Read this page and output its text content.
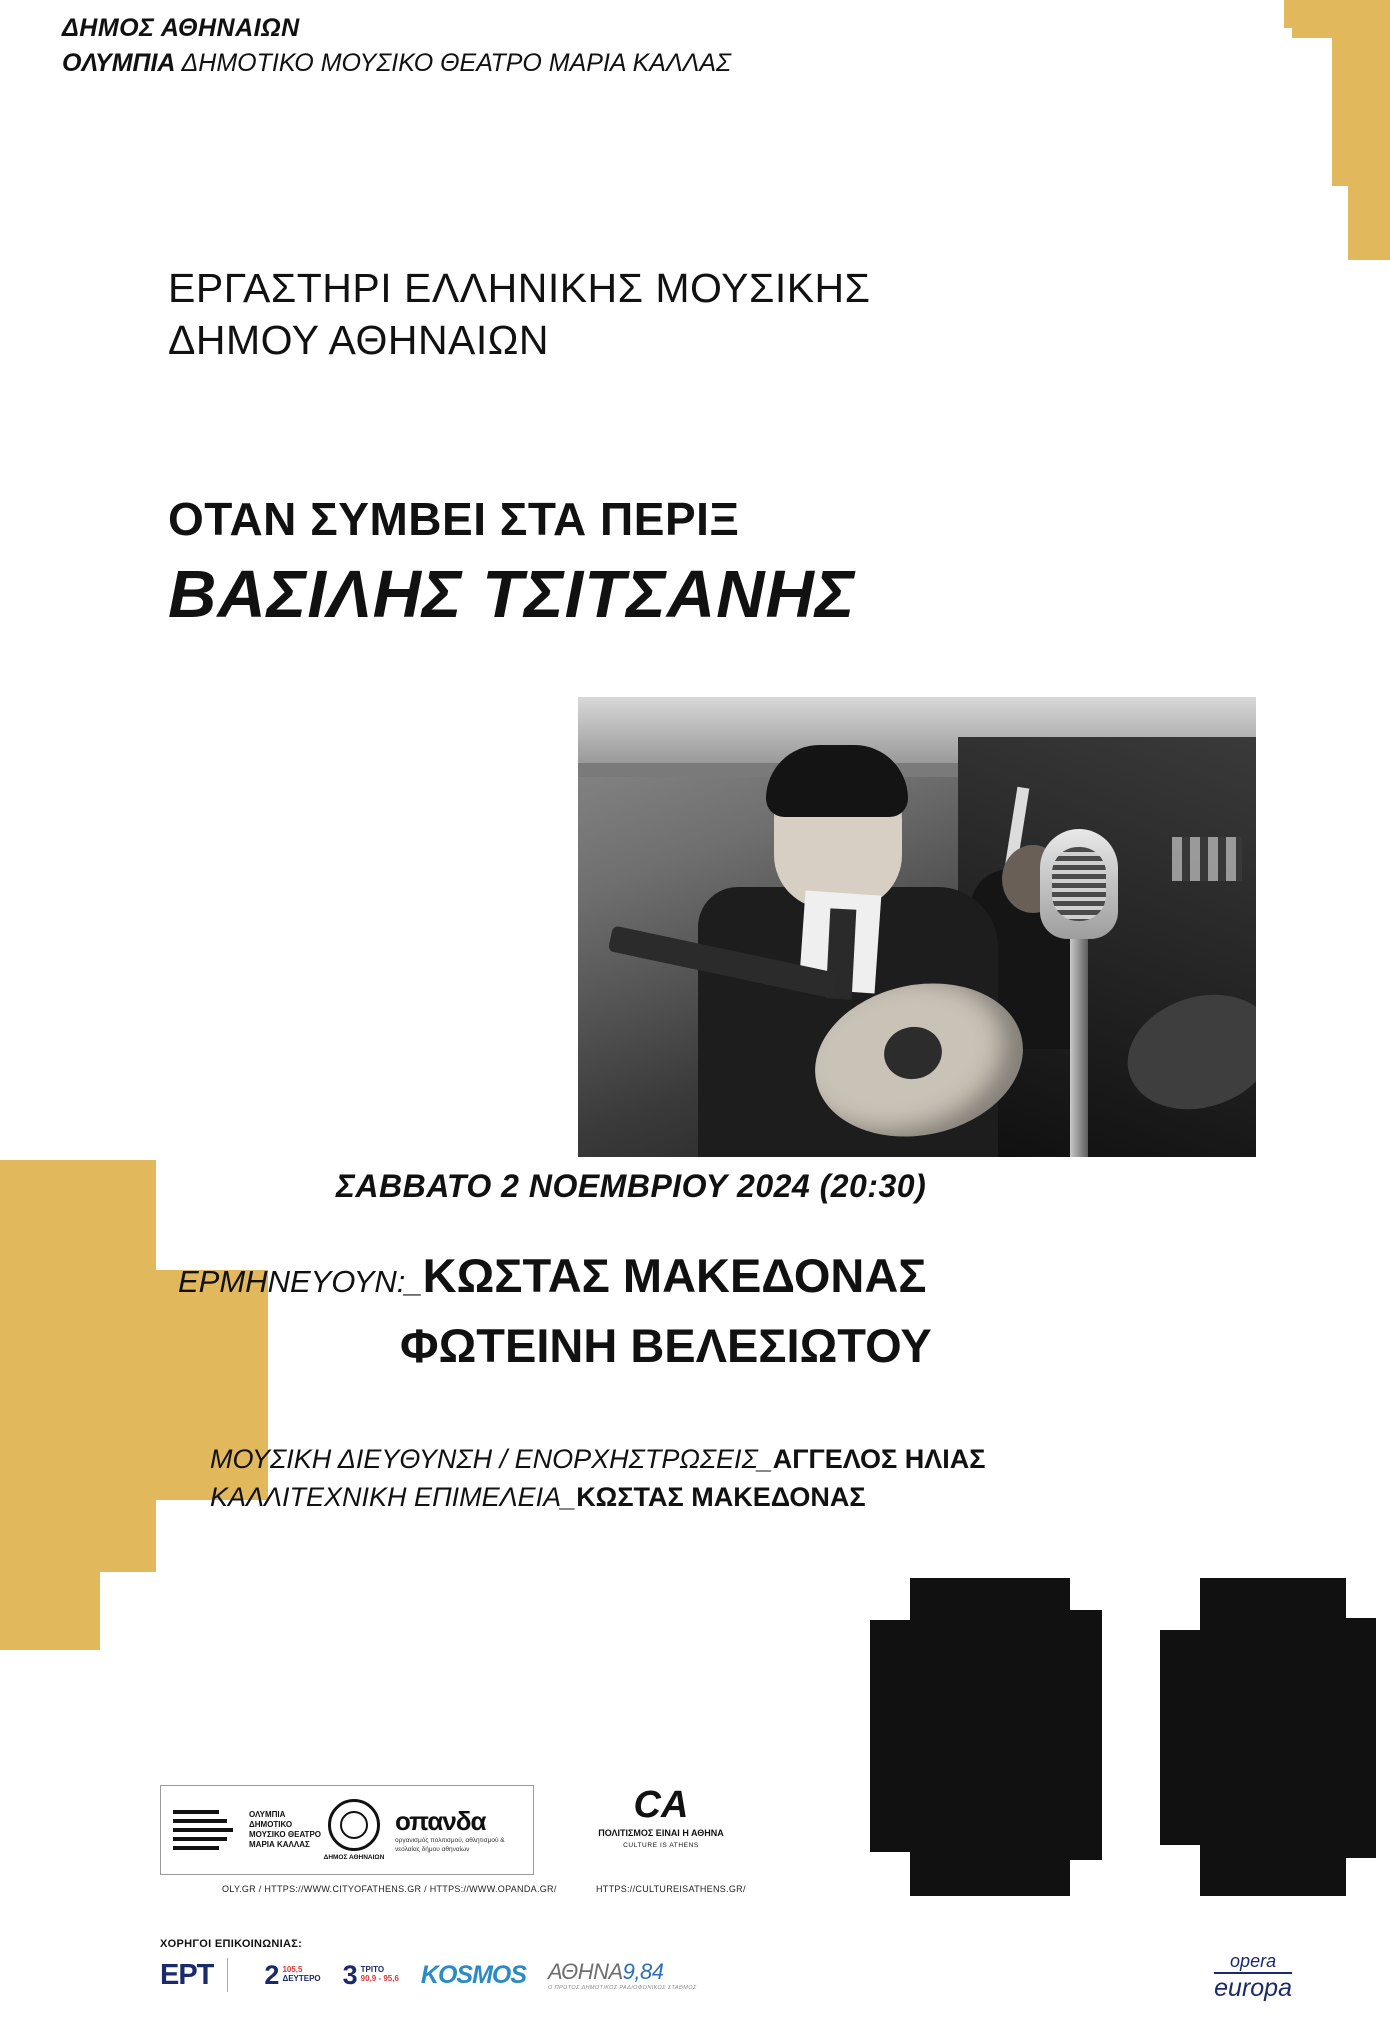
ΔΗΜΟΣ ΑΘΗΝΑΙΩΝ
ΟΛΥΜΠΙΑ ΔΗΜΟΤΙΚΟ ΜΟΥΣΙΚΟ ΘΕΑΤΡΟ ΜΑΡΙΑ ΚΑΛΛΑΣ
ΕΡΓΑΣΤΗΡΙ ΕΛΛΗΝΙΚΗΣ ΜΟΥΣΙΚΗΣ
ΔΗΜΟΥ ΑΘΗΝΑΙΩΝ
ΟΤΑΝ ΣΥΜΒΕΙ ΣΤΑ ΠΕΡΙΞ
ΒΑΣΙΛΗΣ ΤΣΙΤΣΑΝΗΣ
ΣΑΒΒΑΤΟ 2 ΝΟΕΜΒΡΙΟΥ 2024 (20:30)
ΕΡΜΗΝΕΥΟΥΝ:_ΚΩΣΤΑΣ ΜΑΚΕΔΟΝΑΣ
ΦΩΤΕΙΝΗ ΒΕΛΕΣΙΩΤΟΥ
ΜΟΥΣΙΚΗ ΔΙΕΥΘΥΝΣΗ / ΕΝΟΡΧΗΣΤΡΩΣΕΙΣ_ΑΓΓΕΛΟΣ ΗΛΙΑΣ
ΚΑΛΛΙΤΕΧΝΙΚΗ ΕΠΙΜΕΛΕΙΑ_ΚΩΣΤΑΣ ΜΑΚΕΔΟΝΑΣ
ΟΛΥΜΠΙΑ ΔΗΜΟΤΙΚΟ ΜΟΥΣΙΚΟ ΘΕΑΤΡΟ ΜΑΡΙΑ ΚΑΛΛΑΣ
ΔΗΜΟΣ ΑΘΗΝΑΙΩΝ
οπανδα
οργανισμός πολιτισμού, αθλητισμού & νεολαίας δήμου αθηναίων
CA
ΠΟΛΙΤΙΣΜΟΣ ΕΙΝΑΙ Η ΑΘΗΝΑ
CULTURE IS ATHENS
OLY.GR / HTTPS://WWW.CITYOFATHENS.GR / HTTPS://WWW.OPANDA.GR/	HTTPS://CULTUREISATHENS.GR/
ΧΟΡΗΓΟΙ ΕΠΙΚΟΙΝΩΝΙΑΣ:
ΕΡΤ 2 105,5
ΔΕΥΤΕΡΟ 3 ΤΡΙΤΟ
90,9 - 95,6 KOSMOS ΑΘΗΝΑ9,84
Ο ΠΡΩΤΟΣ ΔΗΜΟΤΙΚΟΣ ΡΑΔΙΟΦΩΝΙΚΟΣ ΣΤΑΘΜΟΣ
opera
europa
